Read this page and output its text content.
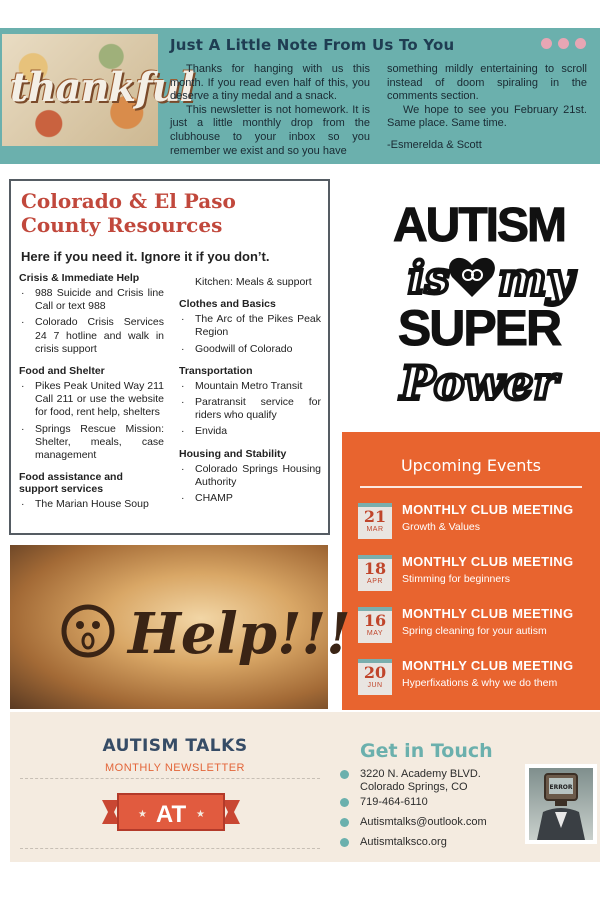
thankful
Just A Little Note From Us To You

Thanks for hanging with us this month. If you read even half of this, you deserve a tiny medal and a snack.

This newsletter is not homework. It is just a little monthly drop from the clubhouse to your inbox so you remember we exist and so you have

something mildly entertaining to scroll instead of doom spiraling in the comments section.

We hope to see you February 21st. Same place. Same time.

-Esmerelda & Scott

Colorado & El Paso County Resources
Here if you need it. Ignore it if you don’t.
Crisis & Immediate Help
· 988 Suicide and Crisis line Call or text 988
· Colorado Crisis Services 24 7 hotline and walk in crisis support
Food and Shelter
· Pikes Peak United Way 211 Call 211 or use the website for food, rent help, shelters
· Springs Rescue Mission: Shelter, meals, case management
Food assistance and support services
· The Marian House Soup
Kitchen: Meals & support
Clothes and Basics
· The Arc of the Pikes Peak Region
· Goodwill of Colorado
Transportation
· Mountain Metro Transit
· Paratransit service for riders who qualify
· Envida
Housing and Stability
· Colorado Springs Housing Authority
· CHAMP
AUTISM
is my
SUPER
Power
Upcoming Events
21
MAR
MONTHLY CLUB MEETING
Growth & Values
18
APR
MONTHLY CLUB MEETING
Stimming for beginners
16
MAY
MONTHLY CLUB MEETING
Spring cleaning for your autism
20
JUN
MONTHLY CLUB MEETING
Hyperfixations & why we do them
Help!!!
AUTISM TALKS
MONTHLY NEWSLETTER
★	★
AT
Get in Touch
3220 N. Academy BLVD.
Colorado Springs, CO
719-464-6110
Autismtalks@outlook.com
Autismtalksco.org
ERROR
